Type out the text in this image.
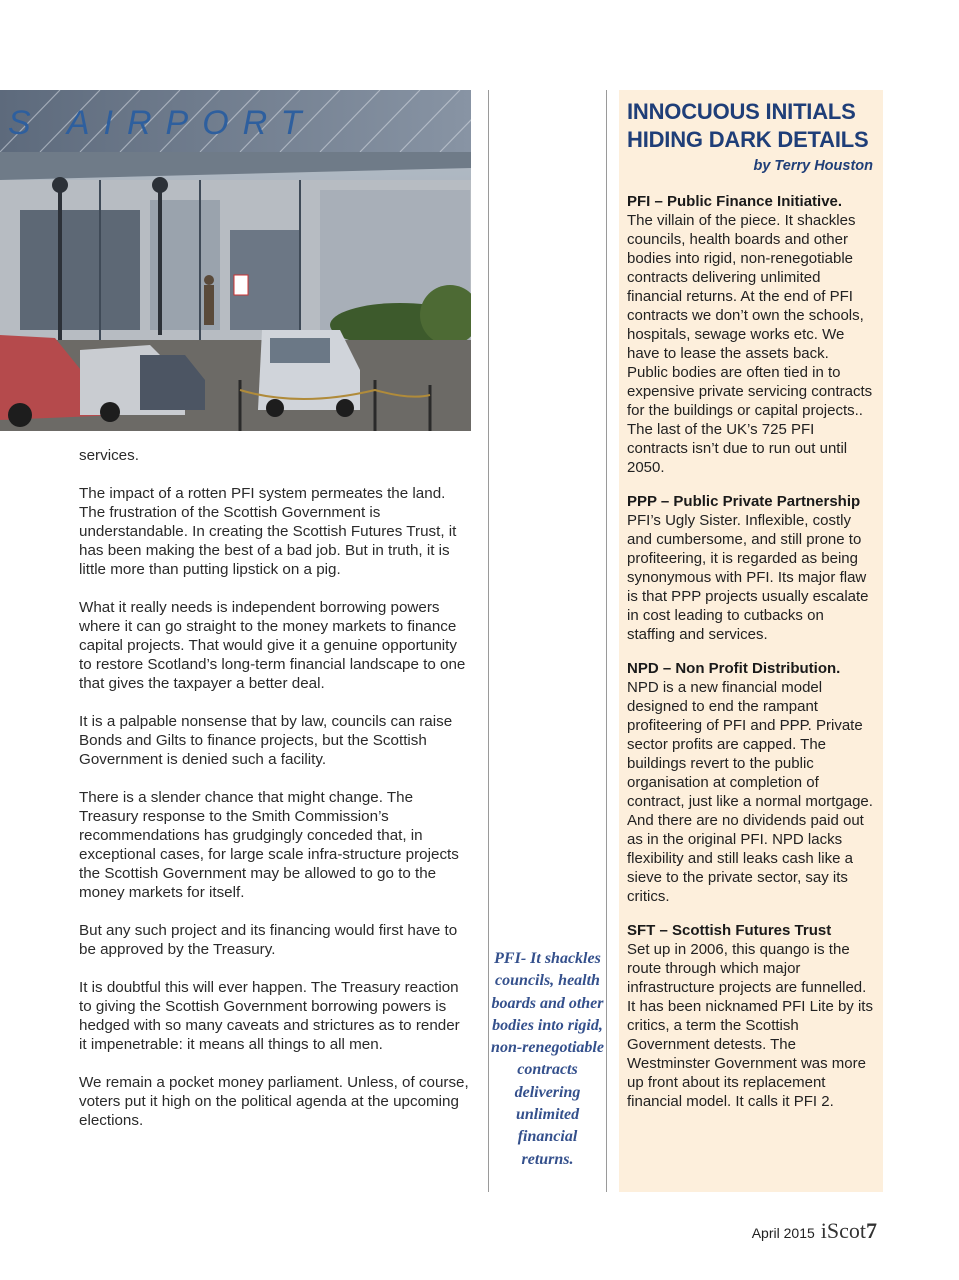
S AIRPORT

services.

The impact of a rotten PFI system permeates the land. The frustration of the Scottish Government is understandable. In creating the Scottish Futures Trust, it has been making the best of a bad job. But in truth, it is little more than putting lipstick on a pig.

What it really needs is independent borrowing powers where it can go straight to the money markets to finance capital projects. That would give it a genuine opportunity to restore Scotland’s long-term financial landscape to one that gives the taxpayer a better deal.

It is a palpable nonsense that by law, councils can raise Bonds and Gilts to finance projects, but the Scottish Government is denied such a facility.

There is a slender chance that might change. The Treasury response to the Smith Commission’s recommendations has grudgingly conceded that, in exceptional cases, for large scale infra-structure projects the Scottish Government may be allowed to go to the money markets for itself.

But any such project and its financing would first have to be approved by the Treasury.

It is doubtful this will ever happen. The Treasury reaction to giving the Scottish Government borrowing powers is hedged with so many caveats and strictures as to render it impenetrable: it means all things to all men.

We remain a pocket money parliament. Unless, of course, voters put it high on the political agenda at the upcoming elections.

PFI- It shackles councils, health boards and other bodies into rigid, non-renegotiable contracts delivering unlimited financial returns.
INNOCUOUS INITIALS HIDING DARK DETAILS
by Terry Houston
PFI – Public Finance Initiative.
The villain of the piece. It shackles councils, health boards and other bodies into rigid, non-renegotiable contracts delivering unlimited financial returns. At the end of PFI contracts we don’t own the schools, hospitals, sewage works etc. We have to lease the assets back. Public bodies are often tied in to expensive private servicing contracts for the buildings or capital projects.. The last of the UK’s 725 PFI contracts isn’t due to run out until 2050.
PPP – Public Private Partnership
PFI’s Ugly Sister. Inflexible, costly and cumbersome, and still prone to profiteering, it is regarded as being synonymous with PFI. Its major flaw is that PPP projects usually escalate in cost leading to cutbacks on staffing and services.
NPD – Non Profit Distribution.
NPD is a new financial model designed to end the rampant profiteering of PFI and PPP. Private sector profits are capped. The buildings revert to the public organisation at completion of contract, just like a normal mortgage. And there are no dividends paid out as in the original PFI. NPD lacks flexibility and still leaks cash like a sieve to the private sector, say its critics.
SFT – Scottish Futures Trust
Set up in 2006, this quango is the route through which major infrastructure projects are funnelled. It has been nicknamed PFI Lite by its critics, a term the Scottish Government detests. The Westminster Government was more up front about its replacement financial model. It calls it PFI 2.
April 2015 iScot7
